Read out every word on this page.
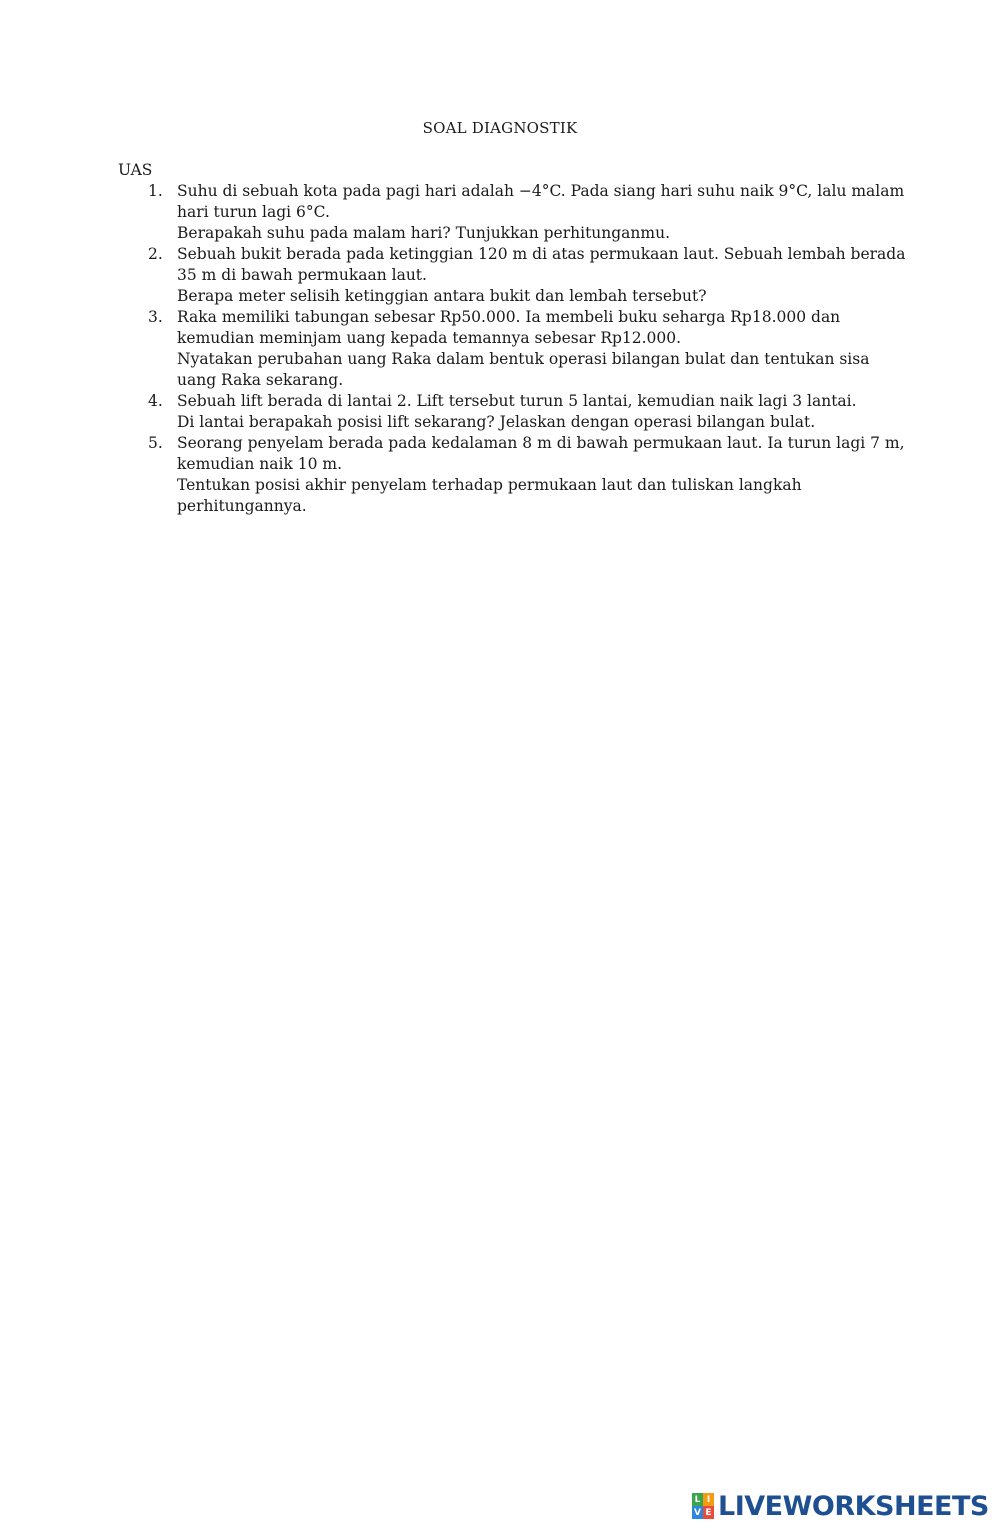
SOAL DIAGNOSTIK
UAS
1. Suhu di sebuah kota pada pagi hari adalah −4°C. Pada siang hari suhu naik 9°C, lalu malam
hari turun lagi 6°C.
Berapakah suhu pada malam hari? Tunjukkan perhitunganmu.
2. Sebuah bukit berada pada ketinggian 120 m di atas permukaan laut. Sebuah lembah berada
35 m di bawah permukaan laut.
Berapa meter selisih ketinggian antara bukit dan lembah tersebut?
3. Raka memiliki tabungan sebesar Rp50.000. Ia membeli buku seharga Rp18.000 dan
kemudian meminjam uang kepada temannya sebesar Rp12.000.
Nyatakan perubahan uang Raka dalam bentuk operasi bilangan bulat dan tentukan sisa
uang Raka sekarang.
4. Sebuah lift berada di lantai 2. Lift tersebut turun 5 lantai, kemudian naik lagi 3 lantai.
Di lantai berapakah posisi lift sekarang? Jelaskan dengan operasi bilangan bulat.
5. Seorang penyelam berada pada kedalaman 8 m di bawah permukaan laut. Ia turun lagi 7 m,
kemudian naik 10 m.
Tentukan posisi akhir penyelam terhadap permukaan laut dan tuliskan langkah
perhitungannya.
L I
V E LIVEWORKSHEETS
